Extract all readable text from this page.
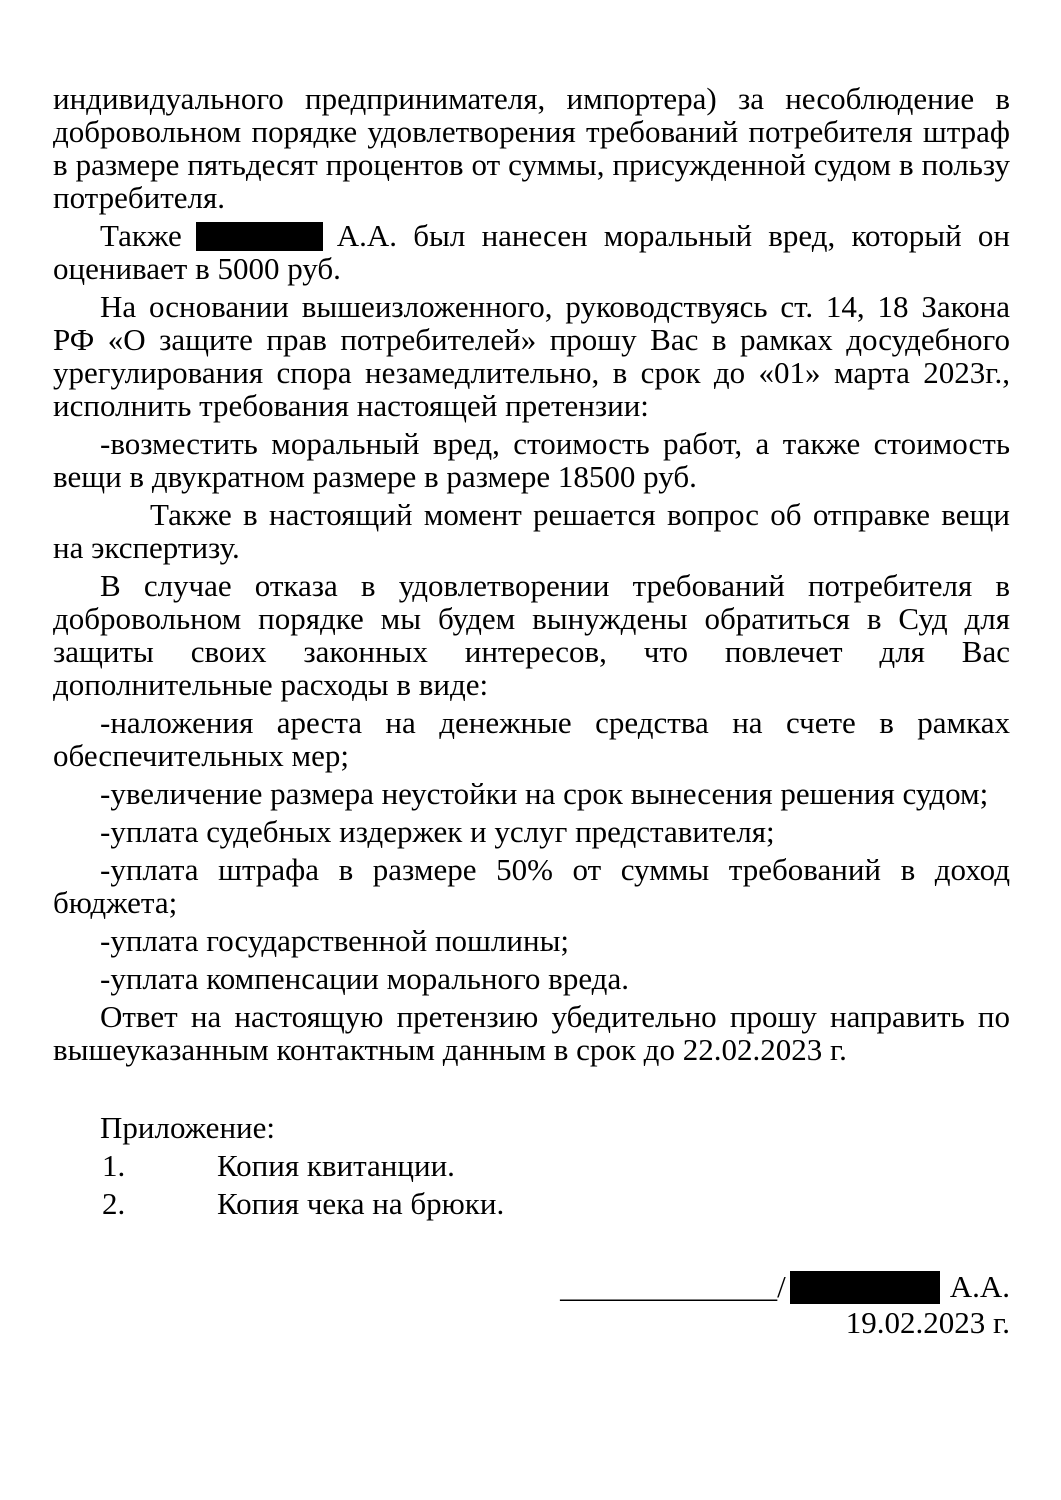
индивидуального предпринимателя, импортера) за несоблюдение в добровольном порядке удовлетворения требований потребителя штраф в размере пятьдесят процентов от суммы, присужденной судом в пользу потребителя.

Также	А.А. был нанесен моральный вред, который он оценивает в 5000 руб.

На основании вышеизложенного, руководствуясь ст. 14, 18 Закона РФ «О защите прав потребителей» прошу Вас в рамках досудебного урегулирования спора незамедлительно, в срок до «01» марта 2023г., исполнить требования настоящей претензии:

-возместить моральный вред, стоимость работ, а также стоимость вещи в двукратном размере в размере 18500 руб.

Также в настоящий момент решается вопрос об отправке вещи на экспертизу.

В случае отказа в удовлетворении требований потребителя в добровольном порядке мы будем вынуждены обратиться в Суд для защиты своих законных интересов, что повлечет для Вас дополнительные расходы в виде:

-наложения ареста на денежные средства на счете в рамках обеспечительных мер;

-увеличение размера неустойки на срок вынесения решения судом;

-уплата судебных издержек и услуг представителя;

-уплата штрафа в размере 50% от суммы требований в доход бюджета;

-уплата государственной пошлины;

-уплата компенсации морального вреда.

Ответ на настоящую претензию убедительно прошу направить по вышеуказанным контактным данным в срок до 22.02.2023 г.

Приложение:

1.	Копия квитанции.
2.	Копия чека на брюки.
______________/	А.А.
19.02.2023 г.
